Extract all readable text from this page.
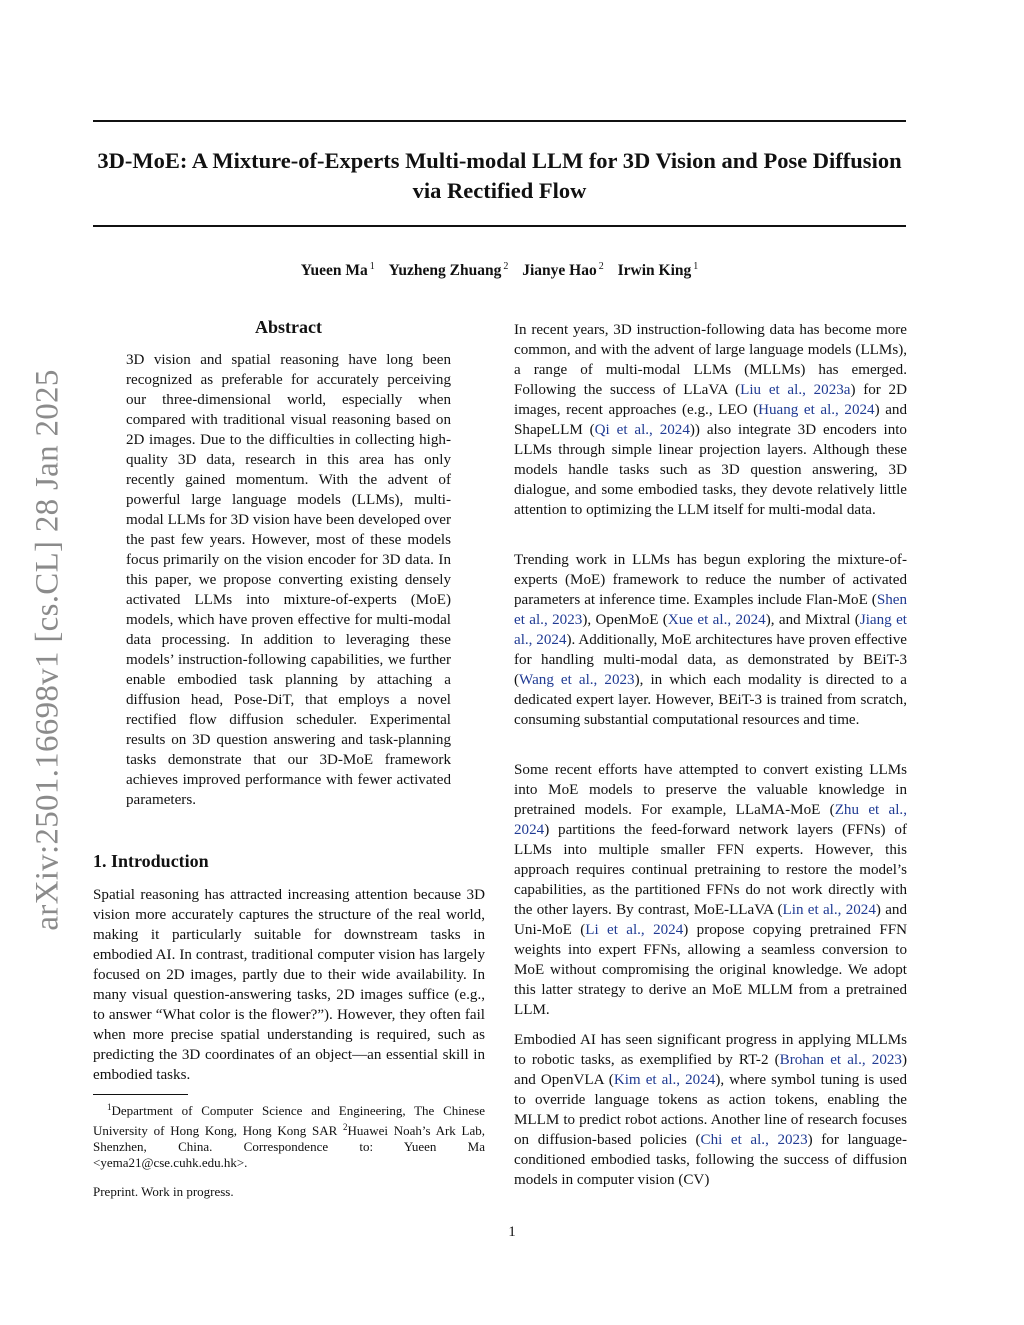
3D-MoE: A Mixture-of-Experts Multi-modal LLM for 3D Vision and Pose Diffusion via Rectified Flow
Yueen Ma $^1$ Yuzheng Zhuang $^2$ Jianye Hao $^2$ Irwin King $^1$
arXiv:2501.16698v1 [cs.CL] 28 Jan 2025
Abstract

3D vision and spatial reasoning have long been recognized as preferable for accurately perceiving our three-dimensional world, especially when compared with traditional visual reasoning based on 2D images. Due to the difficulties in collecting high-quality 3D data, research in this area has only recently gained momentum. With the advent of powerful large language models (LLMs), multi-modal LLMs for 3D vision have been developed over the past few years. However, most of these models focus primarily on the vision encoder for 3D data. In this paper, we propose converting existing densely activated LLMs into mixture-of-experts (MoE) models, which have proven effective for multi-modal data processing. In addition to leveraging these models’ instruction-following capabilities, we further enable embodied task planning by attaching a diffusion head, Pose-DiT, that employs a novel rectified flow diffusion scheduler. Experimental results on 3D question answering and task-planning tasks demonstrate that our 3D-MoE framework achieves improved performance with fewer activated parameters.

1. Introduction

Spatial reasoning has attracted increasing attention because 3D vision more accurately captures the structure of the real world, making it particularly suitable for downstream tasks in embodied AI. In contrast, traditional computer vision has largely focused on 2D images, partly due to their wide availability. In many visual question-answering tasks, 2D images suffice (e.g., to answer “What color is the flower?”). However, they often fail when more precise spatial understanding is required, such as predicting the 3D coordinates of an object—an essential skill in embodied tasks.

$^1$Department of Computer Science and Engineering, The Chinese University of Hong Kong, Hong Kong SAR $^2$Huawei Noah’s Ark Lab, Shenzhen, China. Correspondence to: Yueen Ma <yema21@cse.cuhk.edu.hk>.

Preprint. Work in progress.

In recent years, 3D instruction-following data has become more common, and with the advent of large language models (LLMs), a range of multi-modal LLMs (MLLMs) has emerged. Following the success of LLaVA (Liu et al., 2023a) for 2D images, recent approaches (e.g., LEO (Huang et al., 2024) and ShapeLLM (Qi et al., 2024)) also integrate 3D encoders into LLMs through simple linear projection layers. Although these models handle tasks such as 3D question answering, 3D dialogue, and some embodied tasks, they devote relatively little attention to optimizing the LLM itself for multi-modal data.

Trending work in LLMs has begun exploring the mixture-of-experts (MoE) framework to reduce the number of activated parameters at inference time. Examples include Flan-MoE (Shen et al., 2023), OpenMoE (Xue et al., 2024), and Mixtral (Jiang et al., 2024). Additionally, MoE architectures have proven effective for handling multi-modal data, as demonstrated by BEiT-3 (Wang et al., 2023), in which each modality is directed to a dedicated expert layer. However, BEiT-3 is trained from scratch, consuming substantial computational resources and time.

Some recent efforts have attempted to convert existing LLMs into MoE models to preserve the valuable knowledge in pretrained models. For example, LLaMA-MoE (Zhu et al., 2024) partitions the feed-forward network layers (FFNs) of LLMs into multiple smaller FFN experts. However, this approach requires continual pretraining to restore the model’s capabilities, as the partitioned FFNs do not work directly with the other layers. By contrast, MoE-LLaVA (Lin et al., 2024) and Uni-MoE (Li et al., 2024) propose copying pretrained FFN weights into expert FFNs, allowing a seamless conversion to MoE without compromising the original knowledge. We adopt this latter strategy to derive an MoE MLLM from a pretrained LLM.

Embodied AI has seen significant progress in applying MLLMs to robotic tasks, as exemplified by RT-2 (Brohan et al., 2023) and OpenVLA (Kim et al., 2024), where symbol tuning is used to override language tokens as action tokens, enabling the MLLM to predict robot actions. Another line of research focuses on diffusion-based policies (Chi et al., 2023) for language-conditioned embodied tasks, following the success of diffusion models in computer vision (CV)

1
